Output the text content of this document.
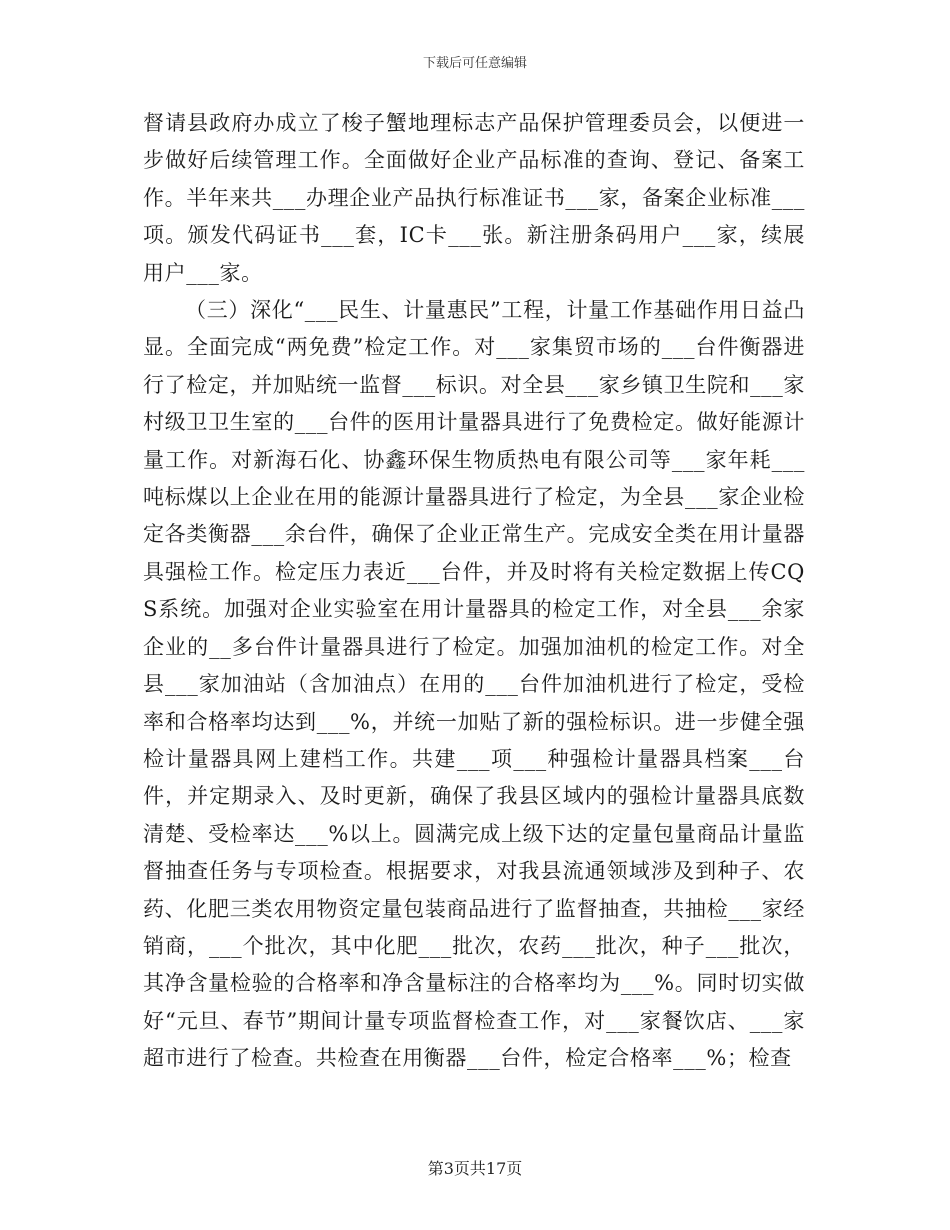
下载后可任意编辑

督请县政府办成立了梭子蟹地理标志产品保护管理委员会，以便进一步做好后续管理工作。全面做好企业产品标准的查询、登记、备案工作。半年来共___办理企业产品执行标准证书___家，备案企业标准___项。颁发代码证书___套，IC卡___张。新注册条码用户___家，续展用户___家。

（三）深化“___民生、计量惠民”工程，计量工作基础作用日益凸显。全面完成“两免费”检定工作。对___家集贸市场的___台件衡器进行了检定，并加贴统一监督___标识。对全县___家乡镇卫生院和___家村级卫卫生室的___台件的医用计量器具进行了免费检定。做好能源计量工作。对新海石化、协鑫环保生物质热电有限公司等___家年耗___吨标煤以上企业在用的能源计量器具进行了检定，为全县___家企业检定各类衡器___余台件，确保了企业正常生产。完成安全类在用计量器具强检工作。检定压力表近___台件，并及时将有关检定数据上传CQS系统。加强对企业实验室在用计量器具的检定工作，对全县___余家企业的__多台件计量器具进行了检定。加强加油机的检定工作。对全县___家加油站（含加油点）在用的___台件加油机进行了检定，受检率和合格率均达到___%，并统一加贴了新的强检标识。进一步健全强检计量器具网上建档工作。共建___项___种强检计量器具档案___台件，并定期录入、及时更新，确保了我县区域内的强检计量器具底数清楚、受检率达___%以上。圆满完成上级下达的定量包量商品计量监督抽查任务与专项检查。根据要求，对我县流通领域涉及到种子、农药、化肥三类农用物资定量包装商品进行了监督抽查，共抽检___家经销商，___个批次，其中化肥___批次，农药___批次，种子___批次，其净含量检验的合格率和净含量标注的合格率均为___%。同时切实做好“元旦、春节”期间计量专项监督检查工作，对___家餐饮店、___家超市进行了检查。共检查在用衡器___台件，检定合格率___%；检查

第3页共17页
